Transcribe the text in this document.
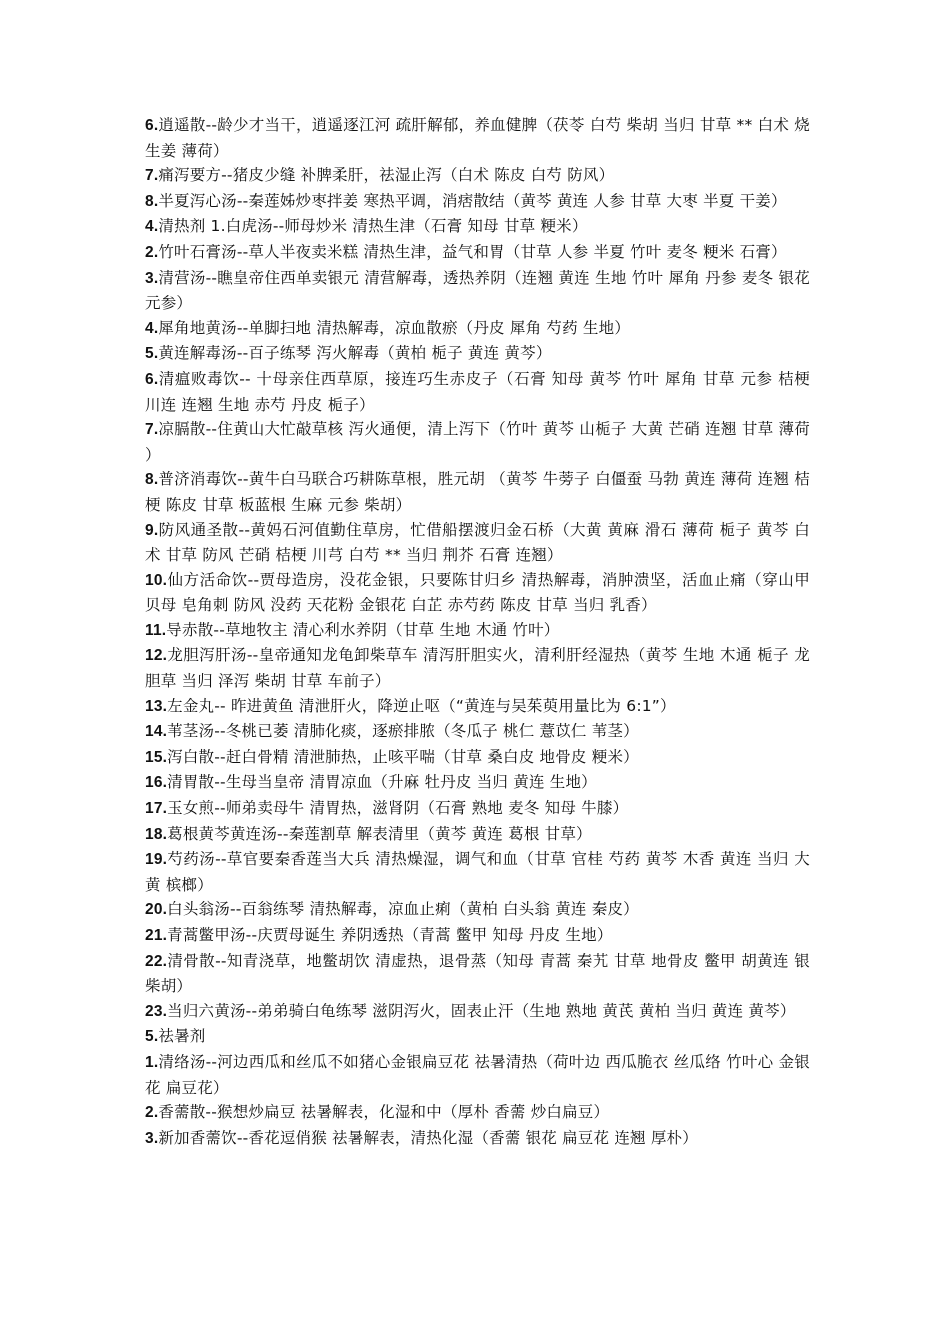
6.逍遥散--龄少才当干，逍遥逐江河 疏肝解郁，养血健脾（茯苓 白芍 柴胡 当归 甘草 ** 白术 烧生姜 薄荷）

7.痛泻要方--猪皮少缝 补脾柔肝，祛湿止泻（白术 陈皮 白芍 防风）

8.半夏泻心汤--秦莲姊炒枣拌姜 寒热平调，消痞散结（黄芩 黄连 人参 甘草 大枣 半夏 干姜）

4.清热剂 1.白虎汤--师母炒米 清热生津（石膏 知母 甘草 粳米）

2.竹叶石膏汤--草人半夜卖米糕 清热生津，益气和胃（甘草 人参 半夏 竹叶 麦冬 粳米 石膏）

3.清营汤--瞧皇帝住西单卖银元 清营解毒，透热养阴（连翘 黄连 生地 竹叶 犀角 丹参 麦冬 银花 元参）

4.犀角地黄汤--单脚扫地 清热解毒，凉血散瘀（丹皮 犀角 芍药 生地）

5.黄连解毒汤--百子练琴 泻火解毒（黄柏 栀子 黄连 黄芩）

6.清瘟败毒饮-- 十母亲住西草原，接连巧生赤皮子（石膏 知母 黄芩 竹叶 犀角 甘草 元参 桔梗 川连 连翘 生地 赤芍 丹皮 栀子）

7.凉膈散--住黄山大忙敲草核 泻火通便，清上泻下（竹叶 黄芩 山栀子 大黄 芒硝 连翘 甘草 薄荷 ）

8.普济消毒饮--黄牛白马联合巧耕陈草根，胜元胡 （黄芩 牛蒡子 白僵蚕 马勃 黄连 薄荷 连翘 桔梗 陈皮 甘草 板蓝根 生麻 元参 柴胡）

9.防风通圣散--黄妈石河值勤住草房，忙借船摆渡归金石桥（大黄 黄麻 滑石 薄荷 栀子 黄芩 白术 甘草 防风 芒硝 桔梗 川芎 白芍 ** 当归 荆芥 石膏 连翘）

10.仙方活命饮--贾母造房，没花金银，只要陈甘归乡 清热解毒，消肿溃坚，活血止痛（穿山甲 贝母 皂角刺 防风 没药 天花粉 金银花 白芷 赤芍药 陈皮 甘草 当归 乳香）

11.导赤散--草地牧主 清心利水养阴（甘草 生地 木通 竹叶）

12.龙胆泻肝汤--皇帝通知龙龟卸柴草车 清泻肝胆实火，清利肝经湿热（黄芩 生地 木通 栀子 龙胆草 当归 泽泻 柴胡 甘草 车前子）

13.左金丸-- 昨进黄鱼 清泄肝火，降逆止呕（“黄连与吴茱萸用量比为 6:1”）

14.苇茎汤--冬桃已萎 清肺化痰，逐瘀排脓（冬瓜子 桃仁 薏苡仁 苇茎）

15.泻白散--赶白骨精 清泄肺热，止咳平喘（甘草 桑白皮 地骨皮 粳米）

16.清胃散--生母当皇帝 清胃凉血（升麻 牡丹皮 当归 黄连 生地）

17.玉女煎--师弟卖母牛 清胃热，滋肾阴（石膏 熟地 麦冬 知母 牛膝）

18.葛根黄芩黄连汤--秦莲割草 解表清里（黄芩 黄连 葛根 甘草）

19.芍药汤--草官要秦香莲当大兵 清热燥湿，调气和血（甘草 官桂 芍药 黄芩 木香 黄连 当归 大黄 槟榔）

20.白头翁汤--百翁练琴 清热解毒，凉血止痢（黄柏 白头翁 黄连 秦皮）

21.青蒿鳖甲汤--庆贾母诞生 养阴透热（青蒿 鳖甲 知母 丹皮 生地）

22.清骨散--知青浇草，地鳖胡饮 清虚热，退骨蒸（知母 青蒿 秦艽 甘草 地骨皮 鳖甲 胡黄连 银柴胡）

23.当归六黄汤--弟弟骑白龟练琴 滋阴泻火，固表止汗（生地 熟地 黄芪 黄柏 当归 黄连 黄芩）

5.祛暑剂

1.清络汤--河边西瓜和丝瓜不如猪心金银扁豆花 祛暑清热（荷叶边 西瓜脆衣 丝瓜络 竹叶心 金银花 扁豆花）

2.香薷散--猴想炒扁豆 祛暑解表，化湿和中（厚朴 香薷 炒白扁豆）

3.新加香薷饮--香花逗俏猴 祛暑解表，清热化湿（香薷 银花 扁豆花 连翘 厚朴）
